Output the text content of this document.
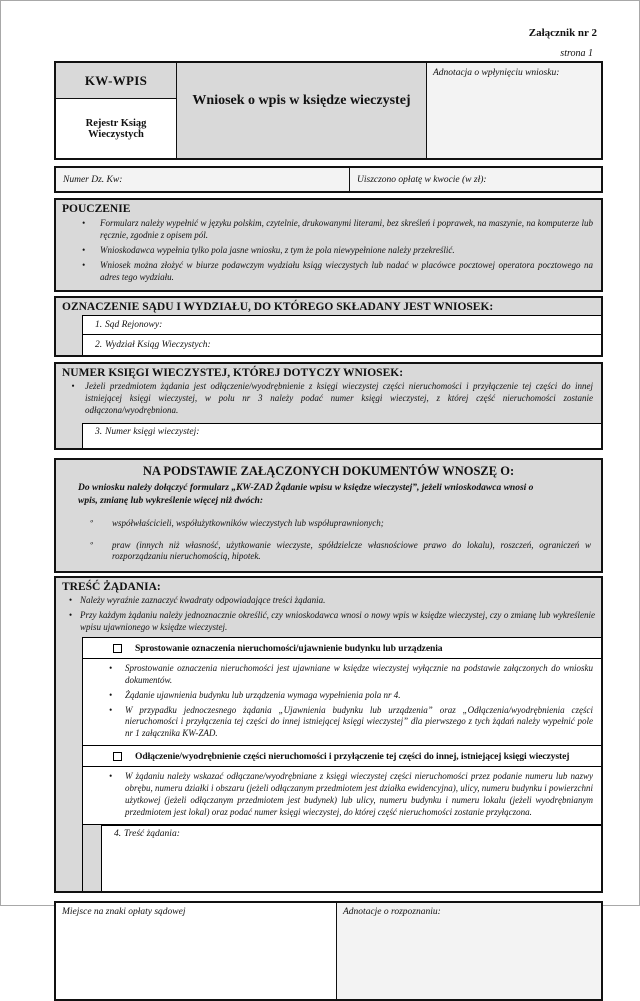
Załącznik nr 2
strona 1
KW-WPIS
Rejestr Ksiąg Wieczystych
Wniosek o wpis w księdze wieczystej
Adnotacja o wpłynięciu wniosku:
Numer Dz. Kw:	Uiszczono opłatę w kwocie (w zł):
POUCZENIE
•	Formularz należy wypełnić w języku polskim, czytelnie, drukowanymi literami, bez skreśleń i poprawek, na maszynie, na komputerze lub ręcznie, zgodnie z opisem pól.
•	Wnioskodawca wypełnia tylko pola jasne wniosku, z tym że pola niewypełnione należy przekreślić.
•	Wniosek można złożyć w biurze podawczym wydziału ksiąg wieczystych lub nadać w placówce pocztowej operatora pocztowego na adres tego wydziału.
OZNACZENIE SĄDU I WYDZIAŁU, DO KTÓREGO SKŁADANY JEST WNIOSEK:
1. Sąd Rejonowy:
2. Wydział Ksiąg Wieczystych:
NUMER KSIĘGI WIECZYSTEJ, KTÓREJ DOTYCZY WNIOSEK:
•	Jeżeli przedmiotem żądania jest odłączenie/wyodrębnienie z księgi wieczystej części nieruchomości i przyłączenie tej części do innej istniejącej księgi wieczystej, w polu nr 3 należy podać numer księgi wieczystej, z której część nieruchomości zostanie odłączona/wyodrębniona.
3. Numer księgi wieczystej:
NA PODSTAWIE ZAŁĄCZONYCH DOKUMENTÓW WNOSZĘ O:
Do wniosku należy dołączyć formularz „KW-ZAD Żądanie wpisu w księdze wieczystej”, jeżeli wnioskodawca wnosi o wpis, zmianę lub wykreślenie więcej niż dwóch:
º	współwłaścicieli, współużytkowników wieczystych lub współuprawnionych;
º	praw (innych niż własność, użytkowanie wieczyste, spółdzielcze własnościowe prawo do lokalu), roszczeń, ograniczeń w rozporządzaniu nieruchomością, hipotek.
TREŚĆ ŻĄDANIA:
• Należy wyraźnie zaznaczyć kwadraty odpowiadające treści żądania.
• Przy każdym żądaniu należy jednoznacznie określić, czy wnioskodawca wnosi o nowy wpis w księdze wieczystej, czy o zmianę lub wykreślenie wpisu ujawnionego w księdze wieczystej.
Sprostowanie oznaczenia nieruchomości/ujawnienie budynku lub urządzenia
•	Sprostowanie oznaczenia nieruchomości jest ujawniane w księdze wieczystej wyłącznie na podstawie załączonych do wniosku dokumentów.
•	Żądanie ujawnienia budynku lub urządzenia wymaga wypełnienia pola nr 4.
•	W przypadku jednoczesnego żądania „Ujawnienia budynku lub urządzenia” oraz „Odłączenia/wyodrębnienia części nieruchomości i przyłączenia tej części do innej istniejącej księgi wieczystej” dla pierwszego z tych żądań należy wypełnić pole nr 1 załącznika KW-ZAD.
Odłączenie/wyodrębnienie części nieruchomości i przyłączenie tej części do innej, istniejącej księgi wieczystej
•	W żądaniu należy wskazać odłączane/wyodrębniane z księgi wieczystej części nieruchomości przez podanie numeru lub nazwy obrębu, numeru działki i obszaru (jeżeli odłączanym przedmiotem jest działka ewidencyjna), ulicy, numeru budynku i powierzchni użytkowej (jeżeli odłączanym przedmiotem jest budynek) lub ulicy, numeru budynku i numeru lokalu (jeżeli wyodrębnianym przedmiotem jest lokal) oraz podać numer księgi wieczystej, do której część nieruchomości zostanie przyłączona.
4. Treść żądania:
Miejsce na znaki opłaty sądowej	Adnotacje o rozpoznaniu:
